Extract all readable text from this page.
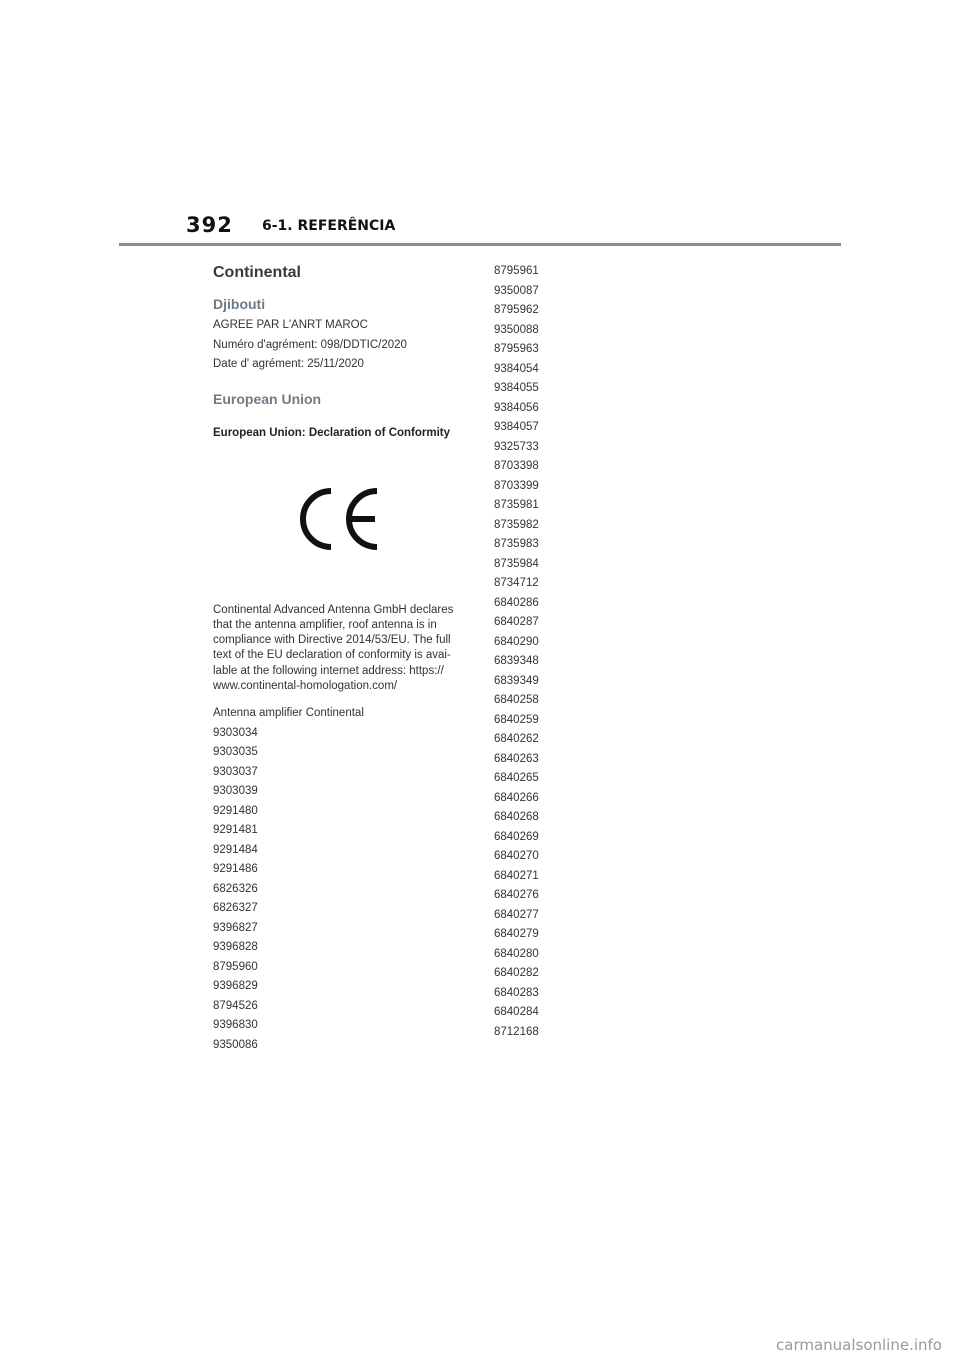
392 6-1. REFERÊNCIA
Continental
Djibouti
AGREE PAR L'ANRT MAROC
Numéro d'agrément: 098/DDTIC/2020
Date d' agrément: 25/11/2020
European Union
European Union: Declaration of Conformity
Continental Advanced Antenna GmbH declares
that the antenna amplifier, roof antenna is in
compliance with Directive 2014/53/EU. The full
text of the EU declaration of conformity is avai-
lable at the following internet address: https://
www.continental-homologation.com/
Antenna amplifier Continental
9303034
9303035
9303037
9303039
9291480
9291481
9291484
9291486
6826326
6826327
9396827
9396828
8795960
9396829
8794526
9396830
9350086
8795961
9350087
8795962
9350088
8795963
9384054
9384055
9384056
9384057
9325733
8703398
8703399
8735981
8735982
8735983
8735984
8734712
6840286
6840287
6840290
6839348
6839349
6840258
6840259
6840262
6840263
6840265
6840266
6840268
6840269
6840270
6840271
6840276
6840277
6840279
6840280
6840282
6840283
6840284
8712168
carmanualsonline.info
